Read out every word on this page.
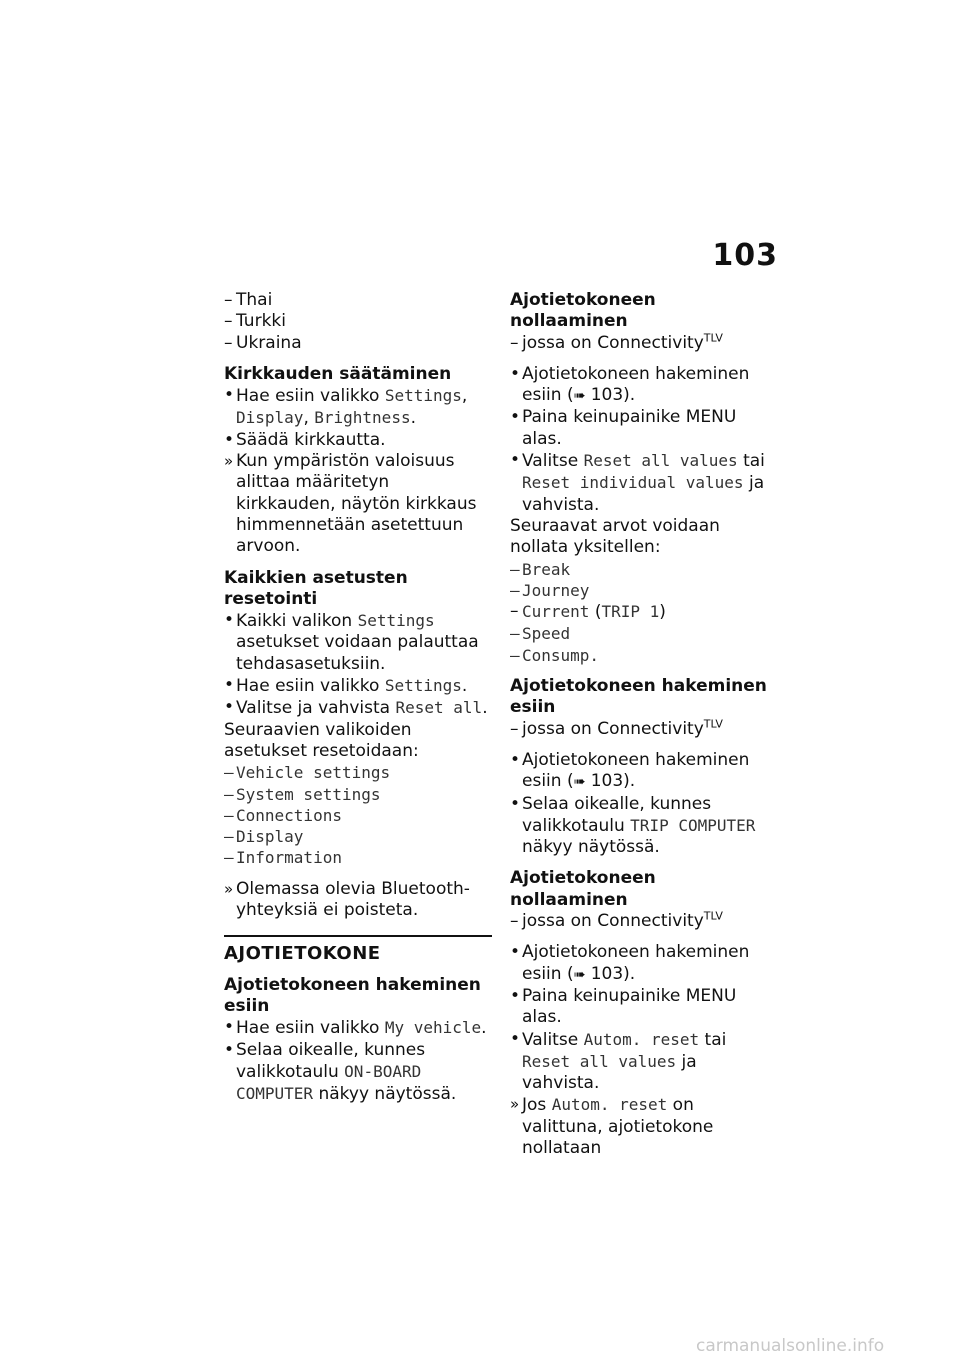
103
– Thai
– Turkki
– Ukraina
Kirkkauden säätäminen
• Hae esiin valikko Settings, Display, Brightness.
• Säädä kirkkautta.
» Kun ympäristön valoisuus alittaa määritetyn kirkkauden, näytön kirkkaus himmennetään asetettuun arvoon.
Kaikkien asetusten resetointi
• Kaikki valikon Settings asetukset voidaan palauttaa tehdasasetuksiin.
• Hae esiin valikko Settings.
• Valitse ja vahvista Reset all.
Seuraavien valikoiden asetukset resetoidaan:
– Vehicle settings
– System settings
– Connections
– Display
– Information
» Olemassa olevia Bluetooth-yhteyksiä ei poisteta.
AJOTIETOKONE
Ajotietokoneen hakeminen esiin
• Hae esiin valikko My vehicle.
• Selaa oikealle, kunnes valikkotaulu ON-BOARD COMPUTER näkyy näytössä.
Ajotietokoneen nollaaminen
– jossa on Connectivity$^{TLV}$
• Ajotietokoneen hakeminen esiin (➠ 103).
• Paina keinupainike MENU alas.
• Valitse Reset all values tai Reset individual values ja vahvista.
Seuraavat arvot voidaan nollata yksitellen:
– Break
– Journey
– Current (TRIP 1)
– Speed
– Consump.
Ajotietokoneen hakeminen esiin
– jossa on Connectivity$^{TLV}$
• Ajotietokoneen hakeminen esiin (➠ 103).
• Selaa oikealle, kunnes valikkotaulu TRIP COMPUTER näkyy näytössä.
Ajotietokoneen nollaaminen
– jossa on Connectivity$^{TLV}$
• Ajotietokoneen hakeminen esiin (➠ 103).
• Paina keinupainike MENU alas.
• Valitse Autom. reset tai Reset all values ja vahvista.
» Jos Autom. reset on valittuna, ajotietokone nollataan
carmanualsonline.info
